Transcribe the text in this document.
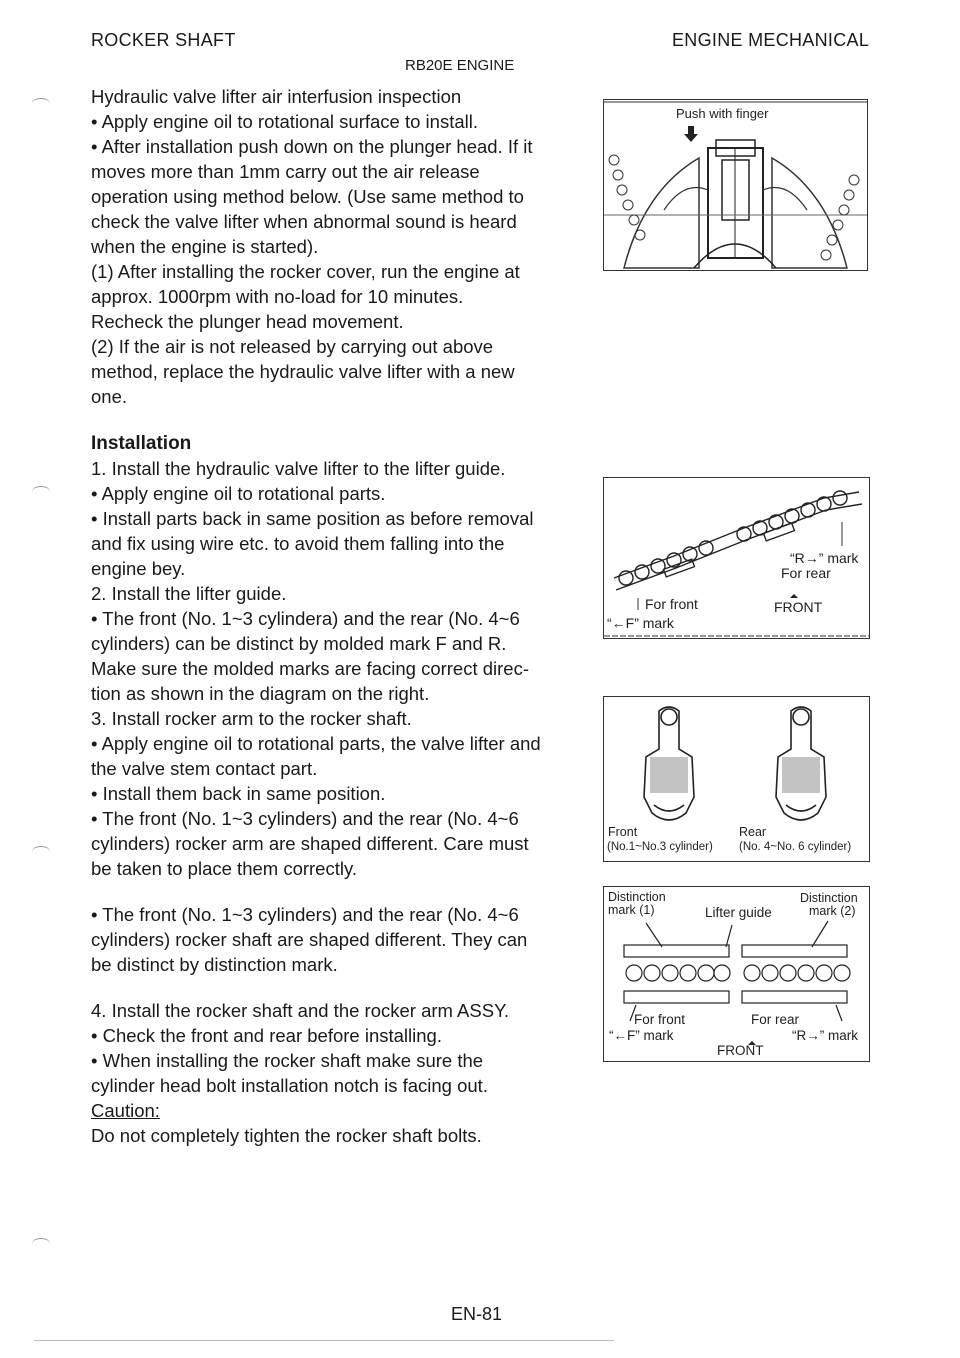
ROCKER SHAFT	ENGINE MECHANICAL
RB20E ENGINE
Hydraulic valve lifter air interfusion inspection
• Apply engine oil to rotational surface to install.
• After installation push down on the plunger head. If it
moves more than 1mm carry out the air release
operation using method below. (Use same method to
check the valve lifter when abnormal sound is heard
when the engine is started).
(1) After installing the rocker cover, run the engine at
approx. 1000rpm with no-load for 10 minutes.
Recheck the plunger head movement.
(2) If the air is not released by carrying out above
method, replace the hydraulic valve lifter with a new
one.
Installation
1. Install the hydraulic valve lifter to the lifter guide.
• Apply engine oil to rotational parts.
• Install parts back in same position as before removal
and fix using wire etc. to avoid them falling into the
engine bey.
2. Install the lifter guide.
• The front (No. 1~3 cylindera) and the rear (No. 4~6
cylinders) can be distinct by molded mark F and R.
Make sure the molded marks are facing correct direc-
tion as shown in the diagram on the right.
3. Install rocker arm to the rocker shaft.
• Apply engine oil to rotational parts, the valve lifter and
the valve stem contact part.
• Install them back in same position.
• The front (No. 1~3 cylinders) and the rear (No. 4~6
cylinders) rocker arm are shaped different. Care must
be taken to place them correctly.
• The front (No. 1~3 cylinders) and the rear (No. 4~6
cylinders) rocker shaft are shaped different. They can
be distinct by distinction mark.
4. Install the rocker shaft and the rocker arm ASSY.
• Check the front and rear before installing.
• When installing the rocker shaft make sure the
cylinder head bolt installation notch is facing out.
Caution:
Do not completely tighten the rocker shaft bolts.
Push with finger
“R→” mark
For rear
For front	FRONT
“←F” mark
Front
(No.1~No.3 cylinder)
Rear
(No. 4~No. 6 cylinder)
Distinction
mark (1)	Lifter guide
Distinction
mark (2)
For front	For rear
“←F” mark	“R→” mark
FRONT
EN-81
